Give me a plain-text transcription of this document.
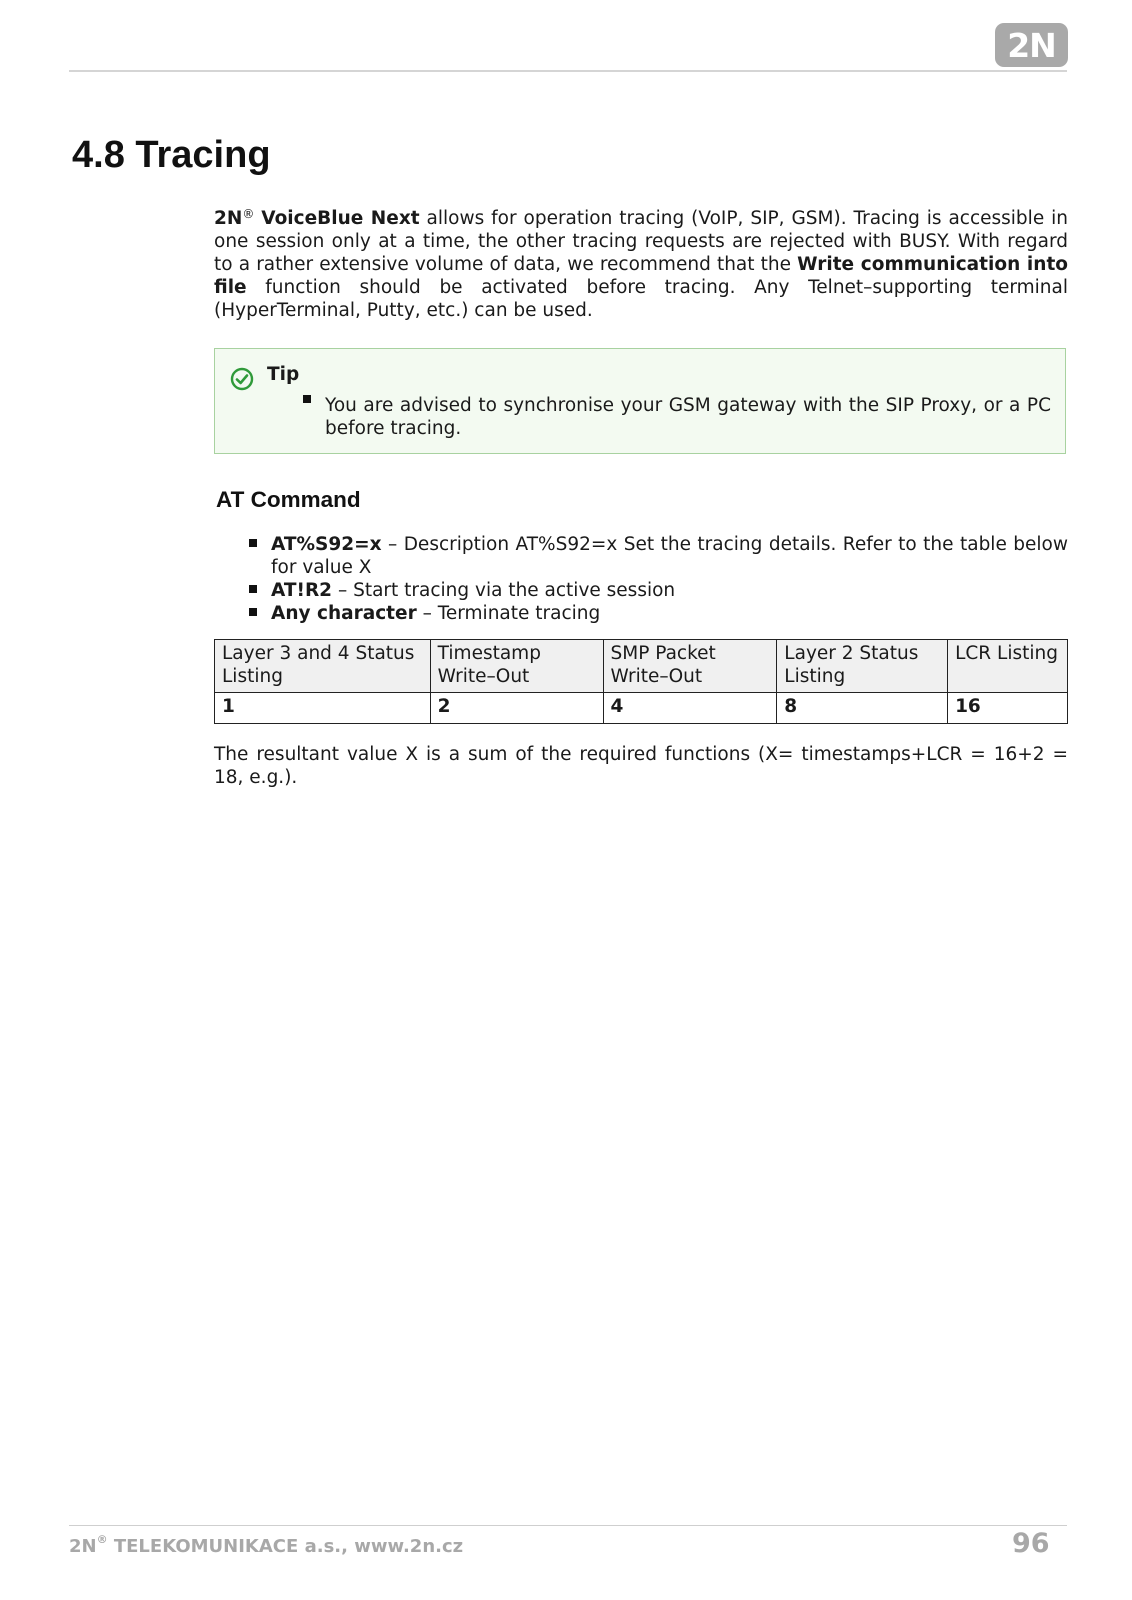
2N
4.8 Tracing

2N® VoiceBlue Next allows for operation tracing (VoIP, SIP, GSM). Tracing is accessible in one session only at a time, the other tracing requests are rejected with BUSY. With regard to a rather extensive volume of data, we recommend that the Write communication into file function should be activated before tracing. Any Telnet–supporting terminal (HyperTerminal, Putty, etc.) can be used.

Tip

You are advised to synchronise your GSM gateway with the SIP Proxy, or a PC before tracing.

AT Command
AT%S92=x – Description AT%S92=x Set the tracing details. Refer to the table below for value X
AT!R2 – Start tracing via the active session
Any character – Terminate tracing
Layer 3 and 4 Status Listing	Timestamp Write–Out	SMP Packet Write–Out	Layer 2 Status Listing	LCR Listing
1	2	4	8	16

The resultant value X is a sum of the required functions (X= timestamps+LCR = 16+2 = 18, e.g.).

2N® TELEKOMUNIKACE a.s., www.2n.cz	96
